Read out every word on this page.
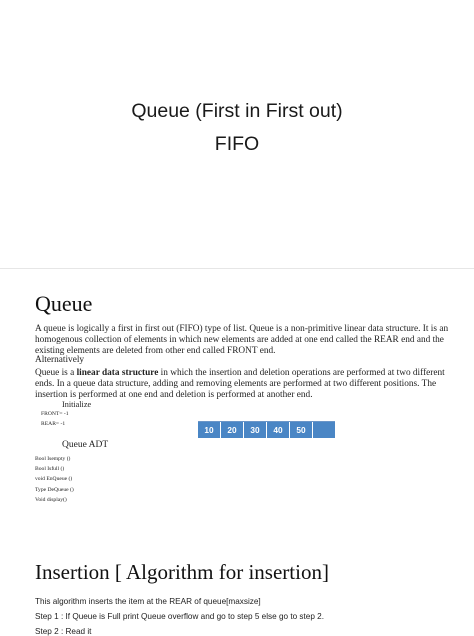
Queue (First in First out)
FIFO
Queue
A queue is logically a first in first out (FIFO) type of list. Queue is a non-primitive linear data structure. It is an homogenous collection of elements in which new elements are added at one end called the REAR end and the existing elements are deleted from other end called FRONT end.
Alternatively
Queue is a linear data structure in which the insertion and deletion operations are performed at two different ends. In a queue data structure, adding and removing elements are performed at two different positions. The insertion is performed at one end and deletion is performed at another end.
Initialize
FRONT= -1
REAR= -1
10	20	30	40	50
Queue ADT
Bool Isempty ()
Bool Isfull ()
void EnQueue ()
Type DeQueue ()
Void display()
Insertion [ Algorithm for insertion]
This algorithm inserts the item at the REAR of queue[maxsize]
Step 1 : If Queue is Full print Queue overflow and go to step 5 else go to step 2.
Step 2 : Read it
